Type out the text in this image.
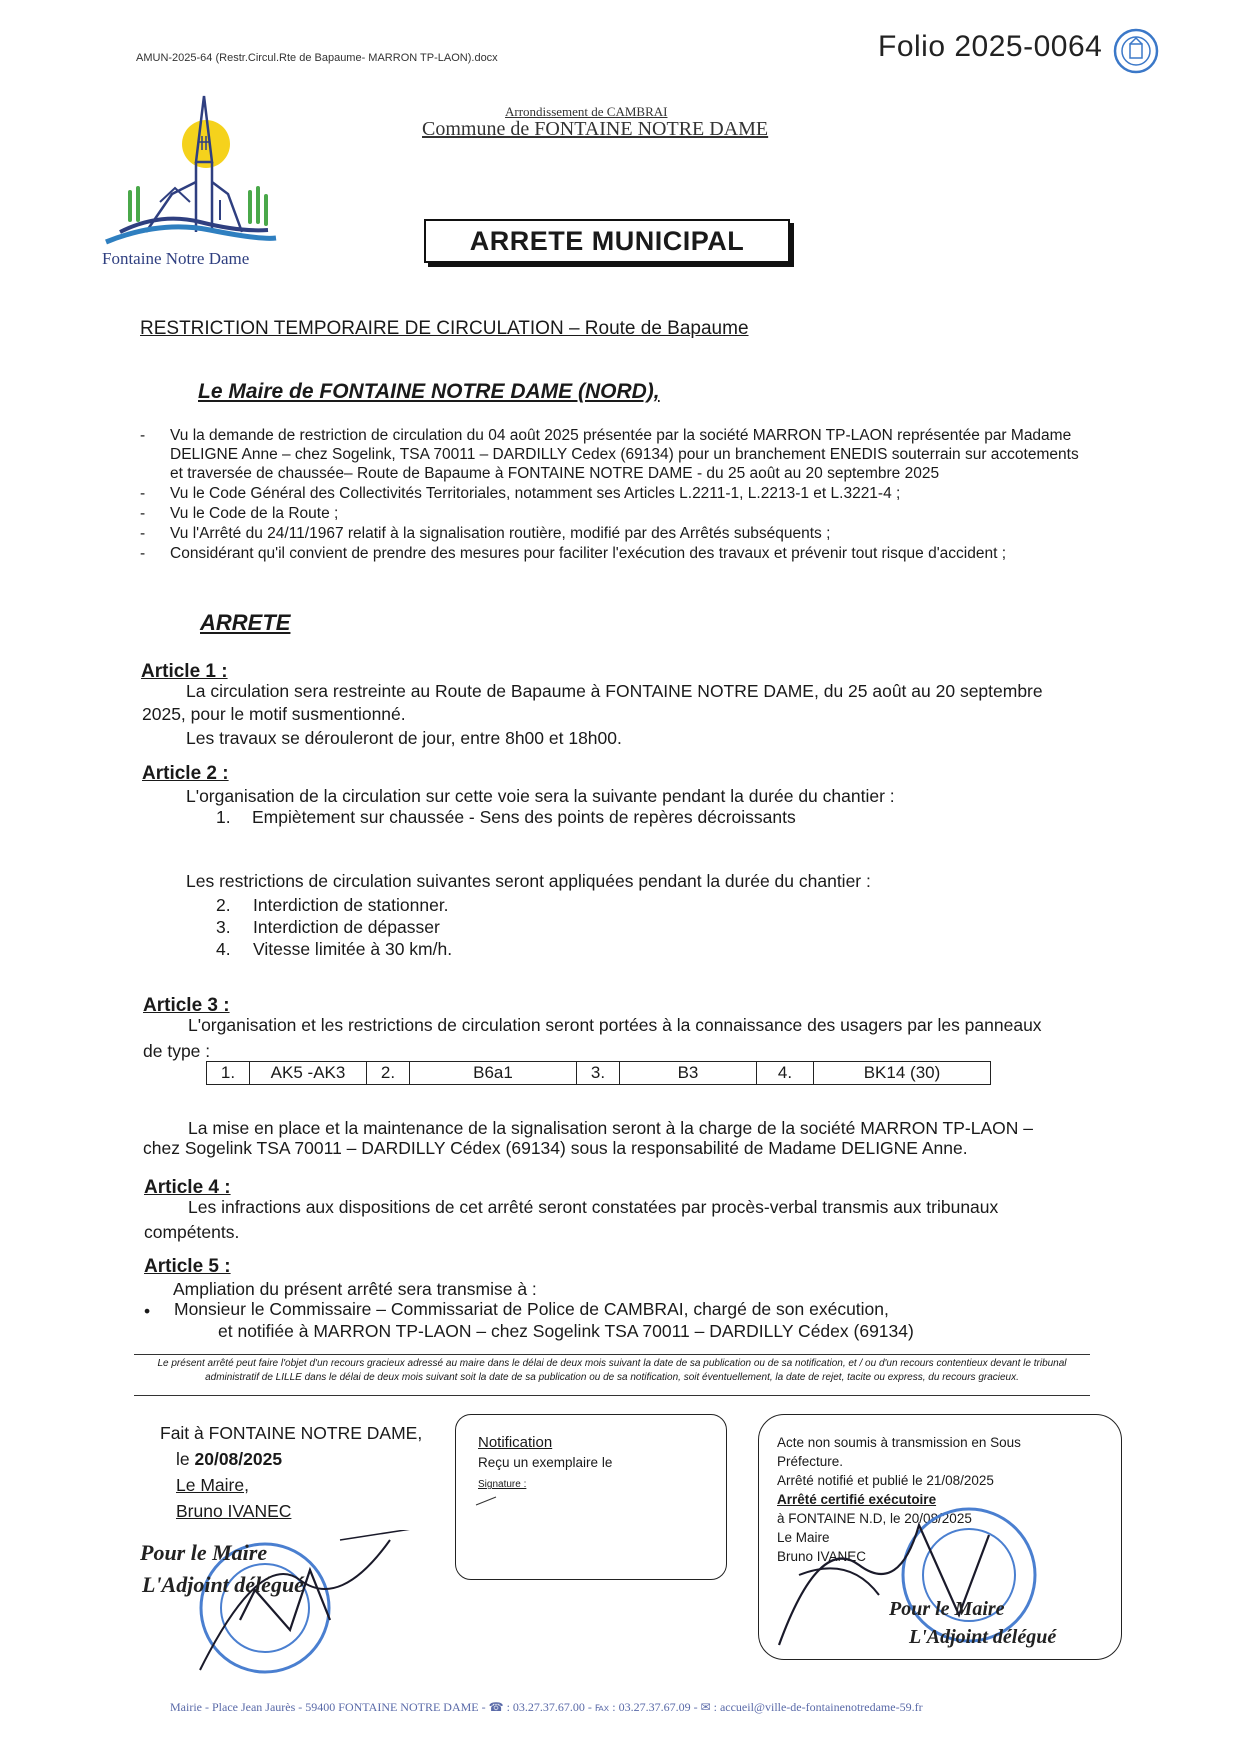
AMUN-2025-64 (Restr.Circul.Rte de Bapaume- MARRON TP-LAON).docx	Folio 2025-0064
Fontaine Notre Dame
Arrondissement de CAMBRAI
Commune de FONTAINE NOTRE DAME
ARRETE MUNICIPAL
RESTRICTION TEMPORAIRE DE CIRCULATION – Route de Bapaume
Le Maire de FONTAINE NOTRE DAME (NORD),
- Vu la demande de restriction de circulation du 04 août 2025 présentée par la société MARRON TP-LAON représentée par Madame
DELIGNE Anne – chez Sogelink, TSA 70011 – DARDILLY Cedex (69134) pour un branchement ENEDIS souterrain sur accotements
et traversée de chaussée– Route de Bapaume à FONTAINE NOTRE DAME - du 25 août au 20 septembre 2025
- Vu le Code Général des Collectivités Territoriales, notamment ses Articles L.2211-1, L.2213-1 et L.3221-4 ;
- Vu le Code de la Route ;
- Vu l'Arrêté du 24/11/1967 relatif à la signalisation routière, modifié par des Arrêtés subséquents ;
- Considérant qu'il convient de prendre des mesures pour faciliter l'exécution des travaux et prévenir tout risque d'accident ;
ARRETE
Article 1 :
La circulation sera restreinte au Route de Bapaume à FONTAINE NOTRE DAME, du 25 août au 20 septembre
2025, pour le motif susmentionné.
Les travaux se dérouleront de jour, entre 8h00 et 18h00.
Article 2 :
L'organisation de la circulation sur cette voie sera la suivante pendant la durée du chantier :
1. Empiètement sur chaussée - Sens des points de repères décroissants
Les restrictions de circulation suivantes seront appliquées pendant la durée du chantier :
2. Interdiction de stationner.
3. Interdiction de dépasser
4. Vitesse limitée à 30 km/h.
Article 3 :
L'organisation et les restrictions de circulation seront portées à la connaissance des usagers par les panneaux
de type :
1.	AK5 -AK3	2.	B6a1	3.	B3	4.	BK14 (30)
La mise en place et la maintenance de la signalisation seront à la charge de la société MARRON TP-LAON –
chez Sogelink TSA 70011 – DARDILLY Cédex (69134) sous la responsabilité de Madame DELIGNE Anne.
Article 4 :
Les infractions aux dispositions de cet arrêté seront constatées par procès-verbal transmis aux tribunaux
compétents.
Article 5 :
Ampliation du présent arrêté sera transmise à :
• Monsieur le Commissaire – Commissariat de Police de CAMBRAI, chargé de son exécution,
et notifiée à MARRON TP-LAON – chez Sogelink TSA 70011 – DARDILLY Cédex (69134)
Le présent arrêté peut faire l'objet d'un recours gracieux adressé au maire dans le délai de deux mois suivant la date de sa publication ou de sa notification, et / ou d'un recours contentieux devant le tribunal
administratif de LILLE dans le délai de deux mois suivant soit la date de sa publication ou de sa notification, soit éventuellement, la date de rejet, tacite ou express, du recours gracieux.
Fait à FONTAINE NOTRE DAME,
le 20/08/2025
Le Maire,
Bruno IVANEC
Pour le Maire
L'Adjoint délégué
Notification
Reçu un exemplaire le
Signature :
Acte non soumis à transmission en Sous
Préfecture.
Arrêté notifié et publié le 21/08/2025
Arrêté certifié exécutoire
à FONTAINE N.D, le 20/08/2025
Le Maire
Bruno IVANEC
Pour le Maire
L'Adjoint délégué
Mairie - Place Jean Jaurès - 59400 FONTAINE NOTRE DAME - ☎ : 03.27.37.67.00 - ℻ : 03.27.37.67.09 - ✉ : accueil@ville-de-fontainenotredame-59.fr
